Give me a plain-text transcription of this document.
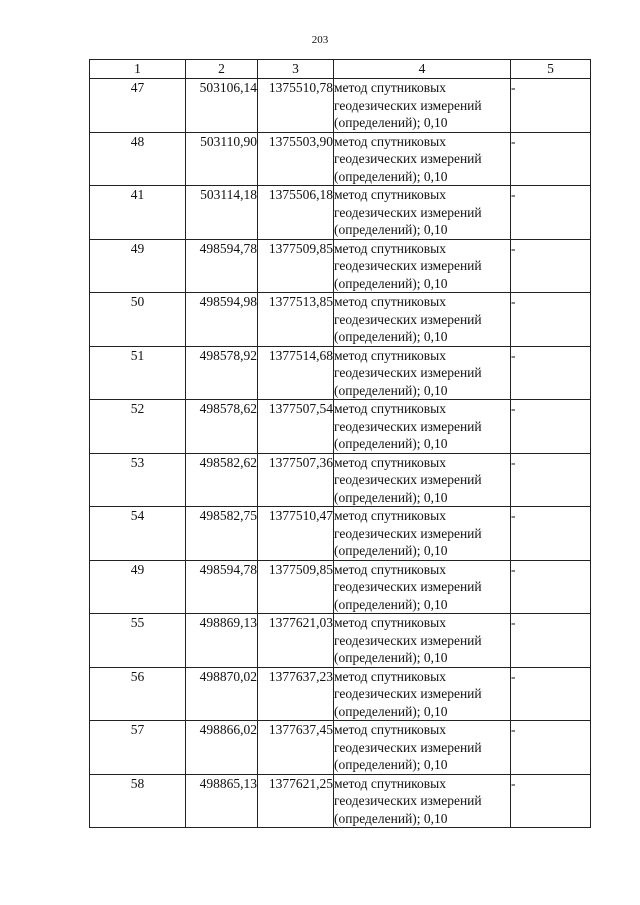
203
1	2	3	4	5
47	503106,14	1375510,78	метод спутниковых
геодезических измерений
(определений); 0,10	-
48	503110,90	1375503,90	метод спутниковых
геодезических измерений
(определений); 0,10	-
41	503114,18	1375506,18	метод спутниковых
геодезических измерений
(определений); 0,10	-
49	498594,78	1377509,85	метод спутниковых
геодезических измерений
(определений); 0,10	-
50	498594,98	1377513,85	метод спутниковых
геодезических измерений
(определений); 0,10	-
51	498578,92	1377514,68	метод спутниковых
геодезических измерений
(определений); 0,10	-
52	498578,62	1377507,54	метод спутниковых
геодезических измерений
(определений); 0,10	-
53	498582,62	1377507,36	метод спутниковых
геодезических измерений
(определений); 0,10	-
54	498582,75	1377510,47	метод спутниковых
геодезических измерений
(определений); 0,10	-
49	498594,78	1377509,85	метод спутниковых
геодезических измерений
(определений); 0,10	-
55	498869,13	1377621,03	метод спутниковых
геодезических измерений
(определений); 0,10	-
56	498870,02	1377637,23	метод спутниковых
геодезических измерений
(определений); 0,10	-
57	498866,02	1377637,45	метод спутниковых
геодезических измерений
(определений); 0,10	-
58	498865,13	1377621,25	метод спутниковых
геодезических измерений
(определений); 0,10	-
